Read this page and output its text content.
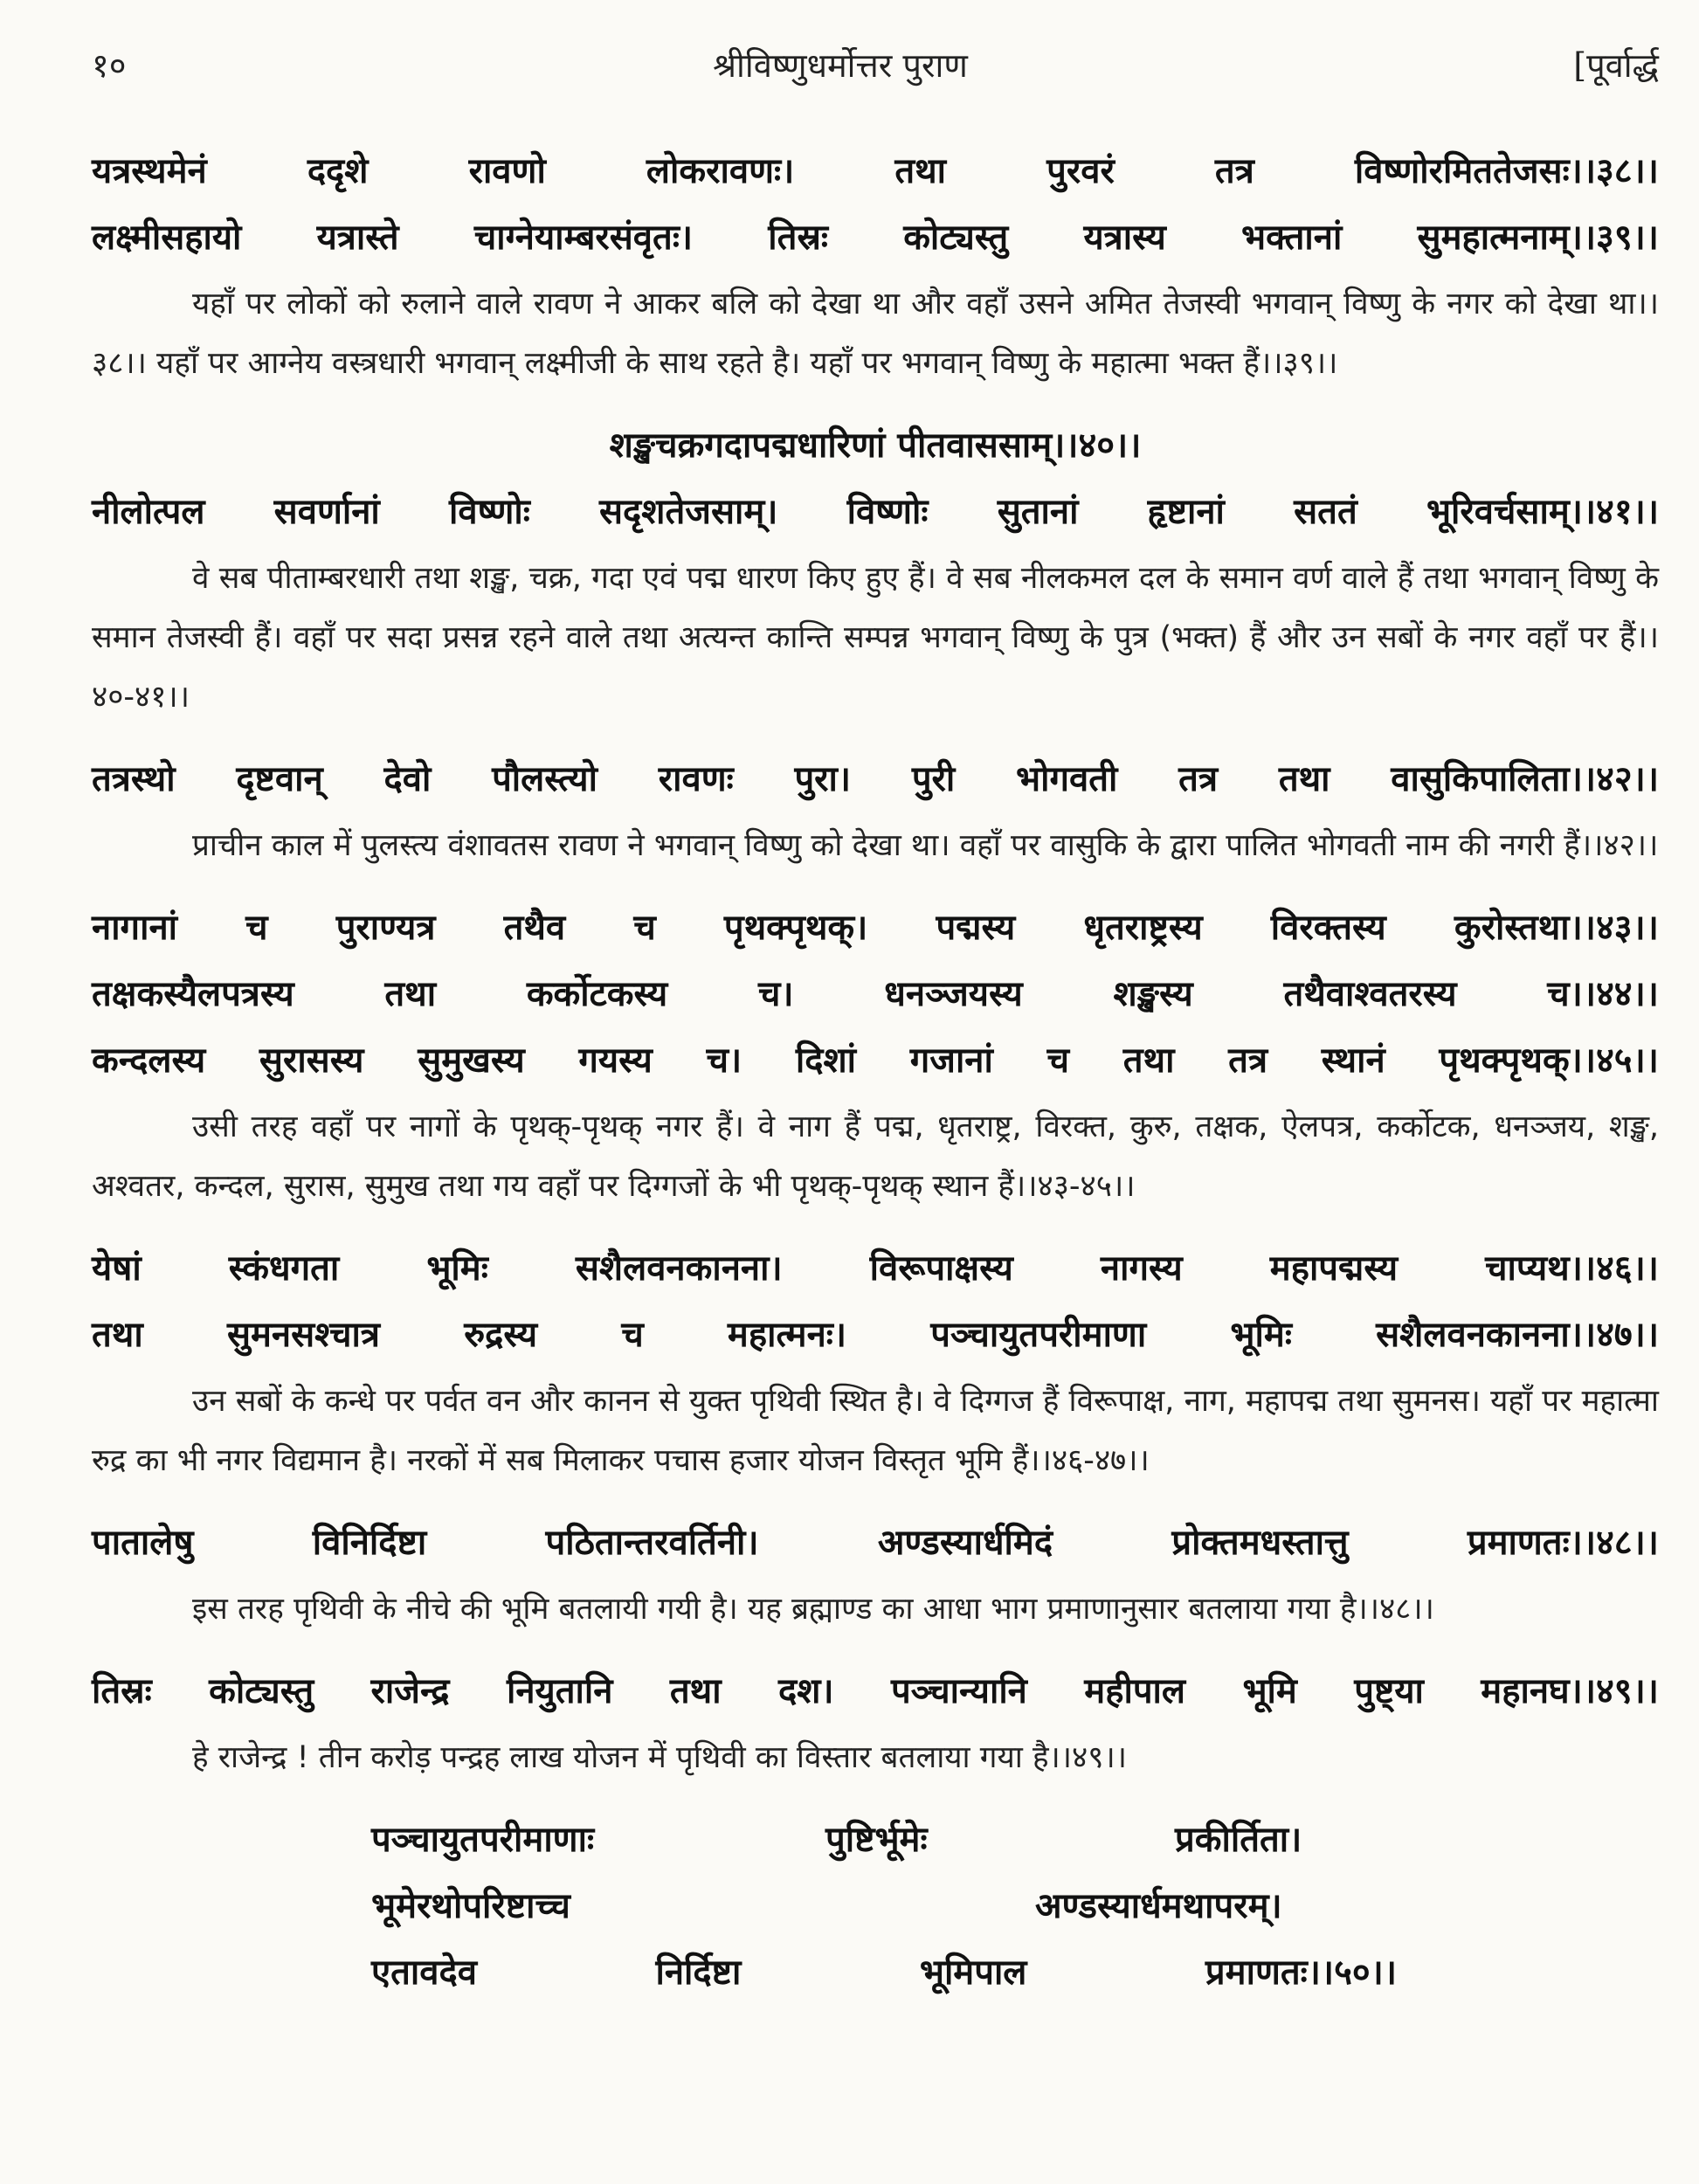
१०	श्रीविष्णुधर्मोत्तर पुराण	[पूर्वार्द्ध
यत्रस्थमेनं	ददृशे	रावणो	लोकरावणः।	तथा	पुरवरं	तत्र	विष्णोरमिततेजसः।।३८।।
लक्ष्मीसहायो यत्रास्ते चाग्नेयाम्बरसंवृतः। तिस्रः कोट्यस्तु यत्रास्य भक्तानां सुमहात्मनाम्।।३९।।

यहाँ पर लोकों को रुलाने वाले रावण ने आकर बलि को देखा था और वहाँ उसने अमित तेजस्वी भगवान् विष्णु के नगर को देखा था।।३८।। यहाँ पर आग्नेय वस्त्रधारी भगवान् लक्ष्मीजी के साथ रहते है। यहाँ पर भगवान् विष्णु के महात्मा भक्त हैं।।३९।।

शङ्खचक्रगदापद्मधारिणां पीतवाससाम्।।४०।।
नीलोत्पल सवर्णानां विष्णोः सदृशतेजसाम्। विष्णोः सुतानां हृष्टानां सततं भूरिवर्चसाम्।।४१।।

वे सब पीताम्बरधारी तथा शङ्ख, चक्र, गदा एवं पद्म धारण किए हुए हैं। वे सब नीलकमल दल के समान वर्ण वाले हैं तथा भगवान् विष्णु के समान तेजस्वी हैं। वहाँ पर सदा प्रसन्न रहने वाले तथा अत्यन्त कान्ति सम्पन्न भगवान् विष्णु के पुत्र (भक्त) हैं और उन सबों के नगर वहाँ पर हैं।।४०-४१।।

तत्रस्थो दृष्टवान् देवो पौलस्त्यो रावणः पुरा। पुरी भोगवती तत्र तथा वासुकिपालिता।।४२।।

प्राचीन काल में पुलस्त्य वंशावतस रावण ने भगवान् विष्णु को देखा था। वहाँ पर वासुकि के द्वारा पालित भोगवती नाम की नगरी हैं।।४२।।

नागानां च पुराण्यत्र तथैव च पृथक्पृथक्। पद्मस्य धृतराष्ट्रस्य विरक्तस्य कुरोस्तथा।।४३।।
तक्षकस्यैलपत्रस्य	तथा	कर्कोटकस्य	च।	धनञ्जयस्य	शङ्खस्य	तथैवाश्वतरस्य	च।।४४।।
कन्दलस्य सुरासस्य सुमुखस्य गयस्य च। दिशां गजानां च तथा तत्र स्थानं पृथक्पृथक्।।४५।।

उसी तरह वहाँ पर नागों के पृथक्-पृथक् नगर हैं। वे नाग हैं पद्म, धृतराष्ट्र, विरक्त, कुरु, तक्षक, ऐलपत्र, कर्कोटक, धनञ्जय, शङ्ख, अश्वतर, कन्दल, सुरास, सुमुख तथा गय वहाँ पर दिग्गजों के भी पृथक्-पृथक् स्थान हैं।।४३-४५।।

येषां	स्कंधगता	भूमिः	सशैलवनकानना।	विरूपाक्षस्य	नागस्य	महापद्मस्य	चाप्यथ।।४६।।
तथा सुमनसश्चात्र रुद्रस्य च महात्मनः। पञ्चायुतपरीमाणा भूमिः सशैलवनकानना।।४७।।

उन सबों के कन्धे पर पर्वत वन और कानन से युक्त पृथिवी स्थित है। वे दिग्गज हैं विरूपाक्ष, नाग, महापद्म तथा सुमनस। यहाँ पर महात्मा रुद्र का भी नगर विद्यमान है। नरकों में सब मिलाकर पचास हजार योजन विस्तृत भूमि हैं।।४६-४७।।

पातालेषु	विनिर्दिष्टा	पठितान्तरवर्तिनी।	अण्डस्यार्धमिदं	प्रोक्तमधस्तात्तु	प्रमाणतः।।४८।।

इस तरह पृथिवी के नीचे की भूमि बतलायी गयी है। यह ब्रह्माण्ड का आधा भाग प्रमाणानुसार बतलाया गया है।।४८।।

तिस्रः कोट्यस्तु राजेन्द्र नियुतानि तथा दश। पञ्चान्यानि महीपाल भूमि पुष्ट्या महानघ।।४९।।

हे राजेन्द्र ! तीन करोड़ पन्द्रह लाख योजन में पृथिवी का विस्तार बतलाया गया है।।४९।।

पञ्चायुतपरीमाणाः	पुष्टिर्भूमेः	प्रकीर्तिता।
भूमेरथोपरिष्टाच्च	अण्डस्यार्धमथापरम्।
एतावदेव	निर्दिष्टा	भूमिपाल	प्रमाणतः।।५०।।
